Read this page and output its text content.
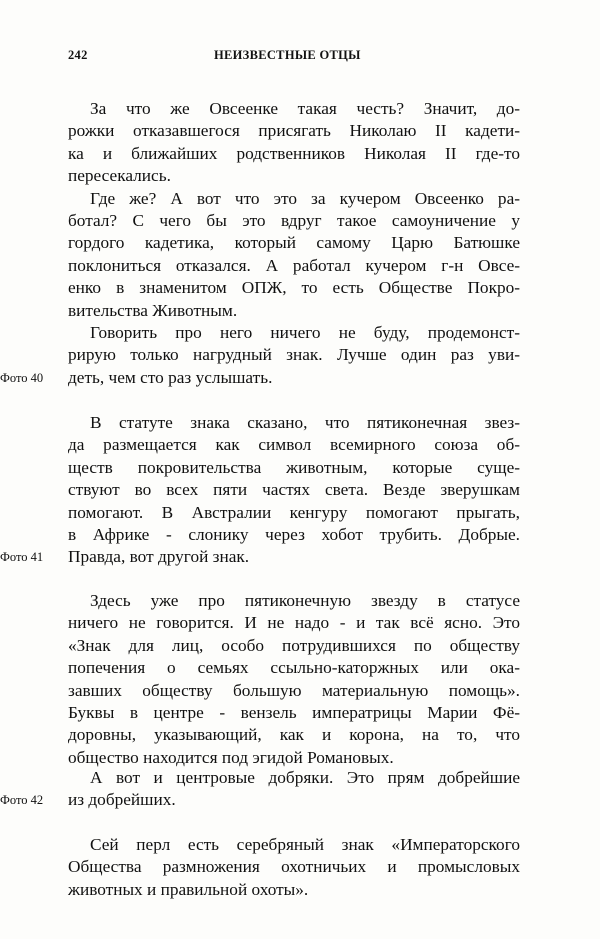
242	НЕИЗВЕСТНЫЕ ОТЦЫ
За что же Овсеенке такая честь? Значит, до-
рожки отказавшегося присягать Николаю II кадети-
ка и ближайших родственников Николая II где-то
пересекались.
Где же? А вот что это за кучером Овсеенко ра-
ботал? С чего бы это вдруг такое самоуничение у
гордого кадетика, который самому Царю Батюшке
поклониться отказался. А работал кучером г-н Овсе-
енко в знаменитом ОПЖ, то есть Обществе Покро-
вительства Животным.
Говорить про него ничего не буду, продемонст-
рирую только нагрудный знак. Лучше один раз уви-
деть, чем сто раз услышать.
Фото 40
В статуте знака сказано, что пятиконечная звез-
да размещается как символ всемирного союза об-
ществ покровительства животным, которые суще-
ствуют во всех пяти частях света. Везде зверушкам
помогают. В Австралии кенгуру помогают прыгать,
в Африке - слонику через хобот трубить. Добрые.
Правда, вот другой знак.
Фото 41
Здесь уже про пятиконечную звезду в статусе
ничего не говорится. И не надо - и так всё ясно. Это
«Знак для лиц, особо потрудившихся по обществу
попечения о семьях ссыльно-каторжных или ока-
завших обществу большую материальную помощь».
Буквы в центре - вензель императрицы Марии Фё-
доровны, указывающий, как и корона, на то, что
общество находится под эгидой Романовых.
А вот и центровые добряки. Это прям добрейшие
из добрейших.
Фото 42
Сей перл есть серебряный знак «Императорского
Общества размножения охотничьих и промысловых
животных и правильной охоты».
